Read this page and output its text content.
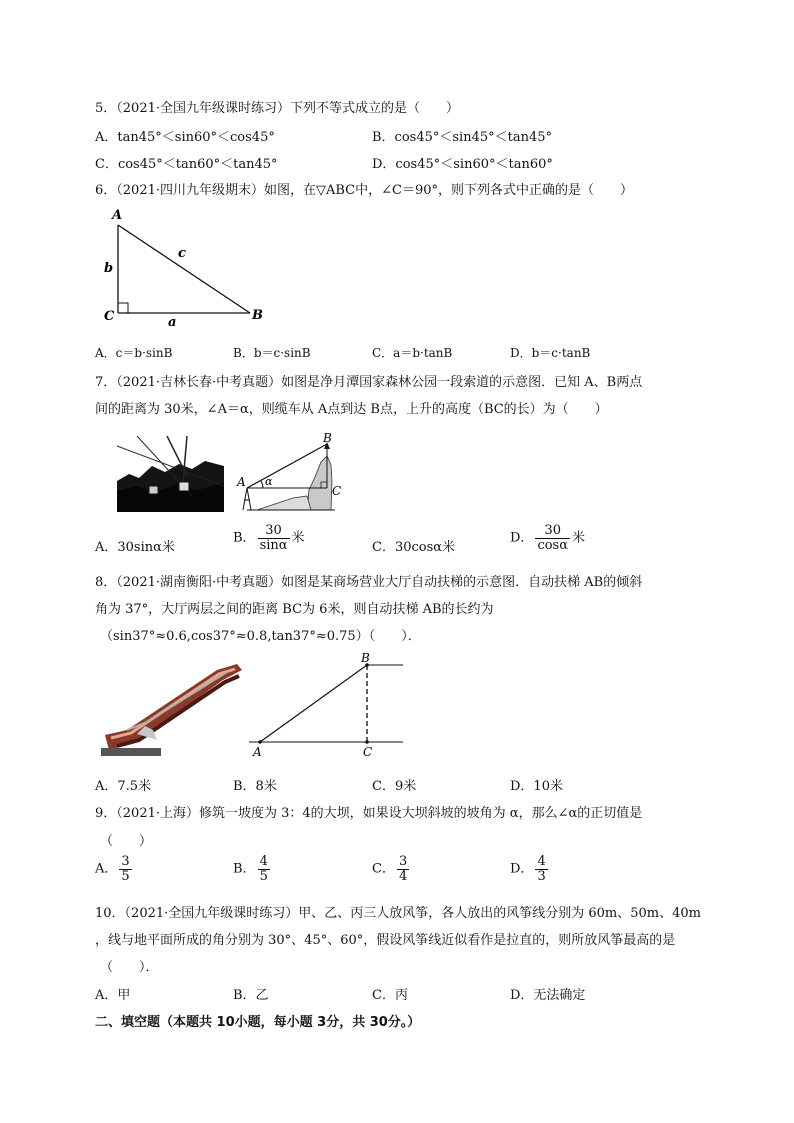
5．（2021·全国九年级课时练习）下列不等式成立的是（　　）
A．tan45°＜sin60°＜cos45°	B．cos45°＜sin45°＜tan45°
C．cos45°＜tan60°＜tan45°	D．cos45°＜sin60°＜tan60°
6．（2021·四川九年级期末）如图，在▽ABC中，∠C＝90°，则下列各式中正确的是（　　）
A
b
c
C	a	B
A．c＝b·sinB	B．b＝c·sinB	C．a＝b·tanB	D．b＝c·tanB
7．（2021·吉林长春·中考真题）如图是净月潭国家森林公园一段索道的示意图．已知 A、B两点
间的距离为 30米，∠A＝α，则缆车从 A点到达 B点，上升的高度（BC的长）为（　　）
A α
B
C
A．30sinα米
B． $\frac{30}{\sin\alpha}$ 米
C．30cosα米
D． $\frac{30}{\cos\alpha}$ 米
8．（2021·湖南衡阳·中考真题）如图是某商场营业大厅自动扶梯的示意图．自动扶梯 AB的倾斜
角为 37°，大厅两层之间的距离 BC为 6米，则自动扶梯 AB的长约为
（sin37°≈0.6,cos37°≈0.8,tan37°≈0.75）（　　）．
A
B
C
A．7.5米	B．8米	C．9米	D．10米
9．（2021·上海）修筑一坡度为 3：4的大坝，如果设大坝斜坡的坡角为 α，那么∠α的正切值是
（　　）
A． $\frac{3}{5}$	B． $\frac{4}{5}$	C． $\frac{3}{4}$	D． $\frac{4}{3}$
10．（2021·全国九年级课时练习）甲、乙、丙三人放风筝，各人放出的风筝线分别为 60m、50m、40m
，线与地平面所成的角分别为 30°、45°、60°，假设风筝线近似看作是拉直的，则所放风筝最高的是
（　　）．
A．甲	B．乙	C．丙	D．无法确定
二、填空题（本题共 10小题，每小题 3分，共 30分。）
